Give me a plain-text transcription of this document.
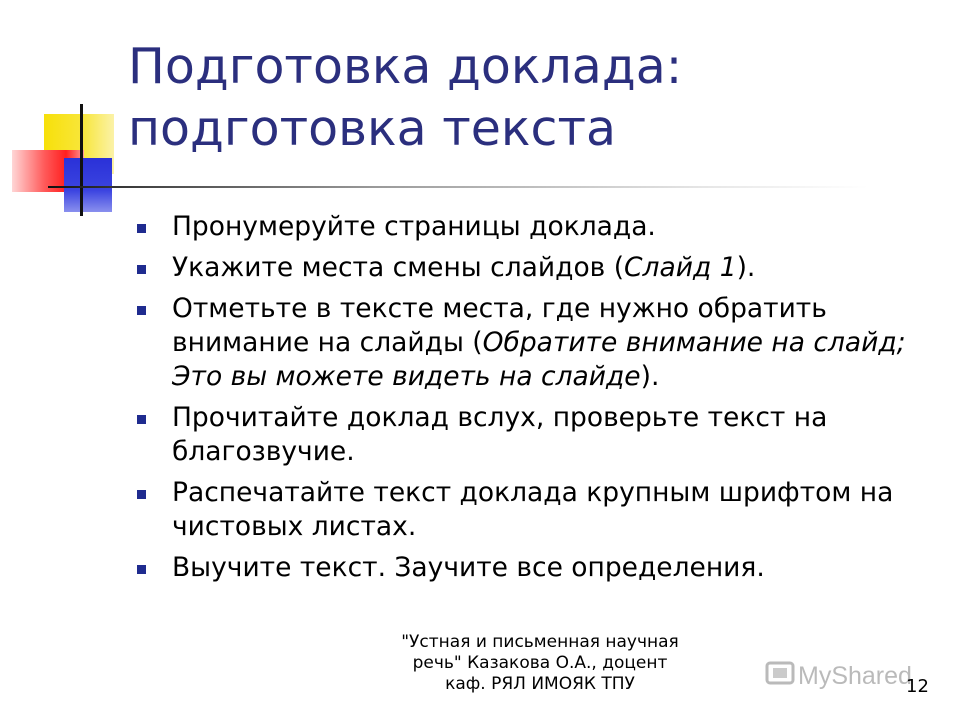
Подготовка доклада:
подготовка текста
Пронумеруйте страницы доклада.
Укажите места смены слайдов (Слайд 1).
Отметьте в тексте места, где нужно обратить внимание на слайды (Обратите внимание на слайд; Это вы можете видеть на слайде).
Прочитайте доклад вслух, проверьте текст на благозвучие.
Распечатайте текст доклада крупным шрифтом на чистовых листах.
Выучите текст. Заучите все определения.
"Устная и письменная научная
речь" Казакова О.А., доцент
каф. РЯЛ ИМОЯК ТПУ	MyShared
12
